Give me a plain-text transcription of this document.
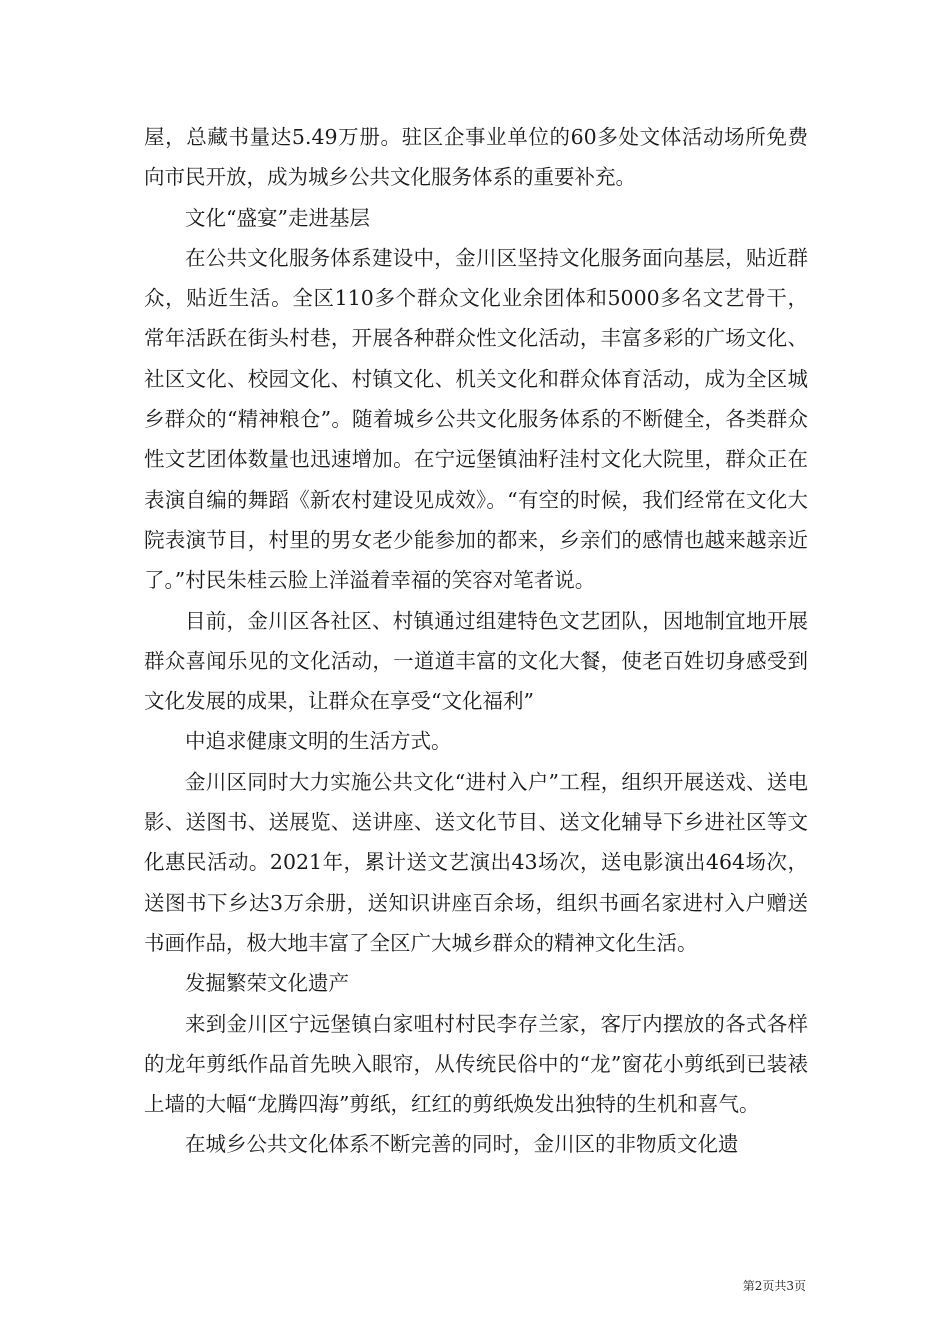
屋，总藏书量达5.49万册。驻区企事业单位的60多处文体活动场所免费向市民开放，成为城乡公共文化服务体系的重要补充。

文化“盛宴”走进基层

在公共文化服务体系建设中，金川区坚持文化服务面向基层，贴近群众，贴近生活。全区110多个群众文化业余团体和5000多名文艺骨干，常年活跃在街头村巷，开展各种群众性文化活动，丰富多彩的广场文化、社区文化、校园文化、村镇文化、机关文化和群众体育活动，成为全区城乡群众的“精神粮仓”。随着城乡公共文化服务体系的不断健全，各类群众性文艺团体数量也迅速增加。在宁远堡镇油籽洼村文化大院里，群众正在表演自编的舞蹈《新农村建设见成效》。“有空的时候，我们经常在文化大院表演节目，村里的男女老少能参加的都来，乡亲们的感情也越来越亲近了。”村民朱桂云脸上洋溢着幸福的笑容对笔者说。

目前，金川区各社区、村镇通过组建特色文艺团队，因地制宜地开展群众喜闻乐见的文化活动，一道道丰富的文化大餐，使老百姓切身感受到文化发展的成果，让群众在享受“文化福利”

中追求健康文明的生活方式。

金川区同时大力实施公共文化“进村入户”工程，组织开展送戏、送电影、送图书、送展览、送讲座、送文化节目、送文化辅导下乡进社区等文化惠民活动。2021年，累计送文艺演出43场次，送电影演出464场次，送图书下乡达3万余册，送知识讲座百余场，组织书画名家进村入户赠送书画作品，极大地丰富了全区广大城乡群众的精神文化生活。

发掘繁荣文化遗产

来到金川区宁远堡镇白家咀村村民李存兰家，客厅内摆放的各式各样的龙年剪纸作品首先映入眼帘，从传统民俗中的“龙”窗花小剪纸到已装裱上墙的大幅“龙腾四海”剪纸，红红的剪纸焕发出独特的生机和喜气。

在城乡公共文化体系不断完善的同时，金川区的非物质文化遗

第2页共3页
